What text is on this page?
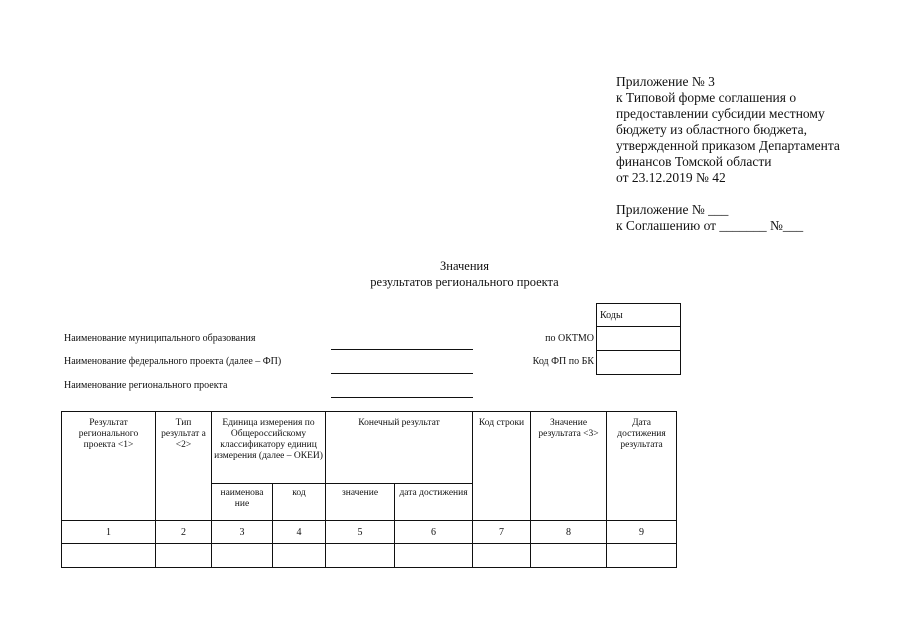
Приложение № 3
к Типовой форме соглашения о
предоставлении субсидии местному
бюджету из областного бюджета,
утвержденной приказом Департамента
финансов Томской области
от 23.12.2019 № 42
Приложение № ___
к Соглашению от _______ №___
Значения
результатов регионального проекта
Наименование муниципального образования
Наименование федерального проекта (далее – ФП)
Наименование регионального проекта
по ОКТМО
Код ФП по БК
Коды

Результат регионального проекта <1>	Тип результат а <2>	Единица измерения по Общероссийскому классификатору единиц измерения (далее – ОКЕИ)		Конечный результат		Код строки	Значение результата <3>	Дата достижения результата
		наименова ние	код	значение	дата достижения			
1	2	3	4	5	6	7	8	9
